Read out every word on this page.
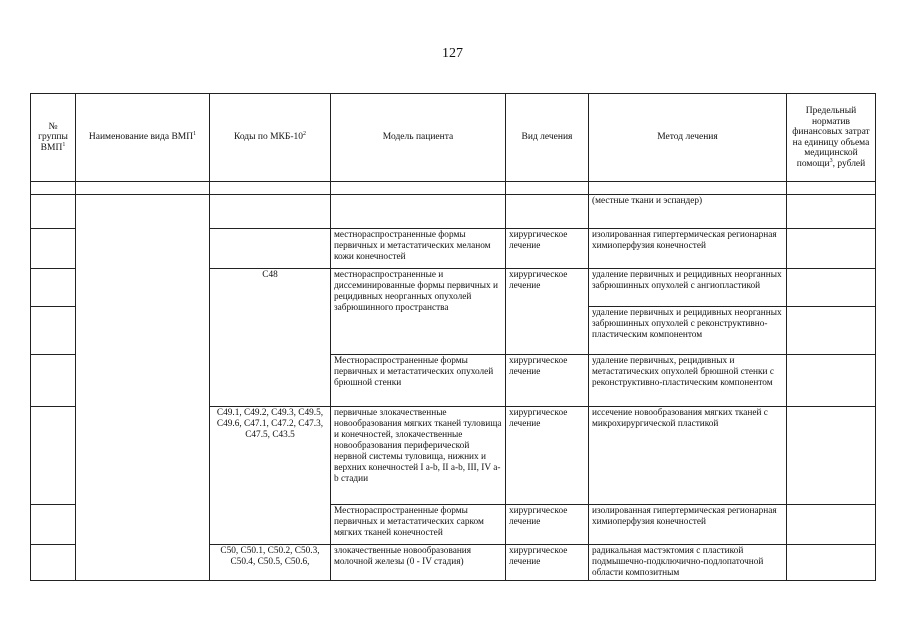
127
№ группы ВМП$^1$	Наименование вида ВМП$^1$	Коды по МКБ-$10^2$	Модель пациента	Вид лечения	Метод лечения	Предельный норматив финансовых затрат на единицу объема медицинской помощи$^3$, рублей

					(местные ткани и эспандер)	
			местнораспространенные формы первичных и метастатических меланом кожи конечностей	хирургическое лечение	изолированная гипертермическая регионарная химиоперфузия конечностей	
		C48	местнораспространенные и диссеминированные формы первичных и рецидивных неорганных опухолей забрюшинного пространства	хирургическое лечение	удаление первичных и рецидивных неорганных забрюшинных опухолей с ангиопластикой	
					удаление первичных и рецидивных неорганных забрюшинных опухолей с реконструктивно-пластическим компонентом	
			Местнораспространенные формы первичных и метастатических опухолей брюшной стенки	хирургическое лечение	удаление первичных, рецидивных и метастатических опухолей брюшной стенки с реконструктивно-пластическим компонентом	
		C49.1, C49.2, C49.3, C49.5, C49.6, C47.1, C47.2, C47.3, C47.5, C43.5	первичные злокачественные новообразования мягких тканей туловища и конечностей, злокачественные новообразования периферической нервной системы туловища, нижних и верхних конечностей I a-b, II a-b, III, IV a-b стадии	хирургическое лечение	иссечение новообразования мягких тканей с микрохирургической пластикой	
			Местнораспространенные формы первичных и метастатических сарком мягких тканей конечностей	хирургическое лечение	изолированная гипертермическая регионарная химиоперфузия конечностей	
		C50, C50.1, C50.2, C50.3, C50.4, C50.5, C50.6,	злокачественные новообразования молочной железы (0 - IV стадия)	хирургическое лечение	радикальная мастэктомия с пластикой подмышечно-подключично-подлопаточной области композитным	
